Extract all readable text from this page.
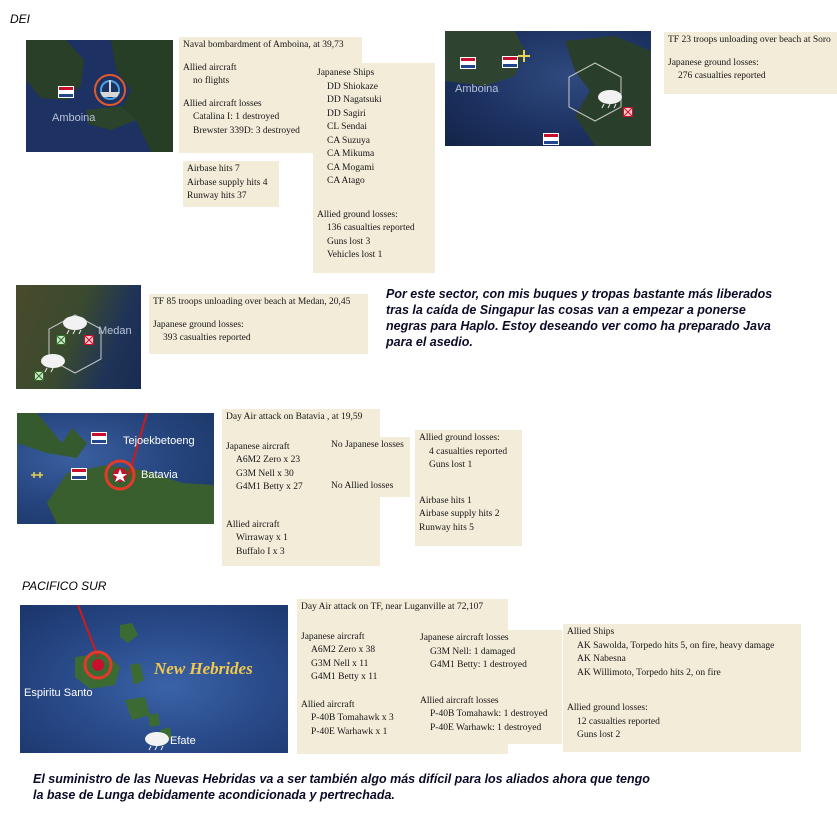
DEI
PACIFICO SUR
Amboina
Naval bombardment of Amboina, at 39,73
Allied aircraft
no flights
Allied aircraft losses
Catalina I: 1 destroyed
Brewster 339D: 3 destroyed
Airbase hits 7
Airbase supply hits 4
Runway hits 37
Japanese Ships
DD Shiokaze
DD Nagatsuki
DD Sagiri
CL Sendai
CA Suzuya
CA Mikuma
CA Mogami
CA Atago
Allied ground losses:
136 casualties reported
Guns lost 3
Vehicles lost 1
Amboina
TF 23 troops unloading over beach at Soro
Japanese ground losses:
276 casualties reported
Medan
TF 85 troops unloading over beach at Medan, 20,45
Japanese ground losses:
393 casualties reported
Por este sector, con mis buques y tropas bastante más liberados tras la caída de Singapur las cosas van a empezar a ponerse negras para Haplo. Estoy deseando ver como ha preparado Java para el asedio.
Tejoekbetoeng
Batavia
Day Air attack on Batavia , at 19,59
Japanese aircraft
A6M2 Zero x 23
G3M Nell x 30
G4M1 Betty x 27
Allied aircraft
Wirraway x 1
Buffalo I x 3
No Japanese losses
No Allied losses
Allied ground losses:
4 casualties reported
Guns lost 1
Airbase hits 1
Airbase supply hits 2
Runway hits 5
New Hebrides
Espiritu Santo
Efate
Day Air attack on TF, near Luganville at 72,107
Japanese aircraft
A6M2 Zero x 38
G3M Nell x 11
G4M1 Betty x 11
Allied aircraft
P-40B Tomahawk x 3
P-40E Warhawk x 1
Japanese aircraft losses
G3M Nell: 1 damaged
G4M1 Betty: 1 destroyed
Allied aircraft losses
P-40B Tomahawk: 1 destroyed
P-40E Warhawk: 1 destroyed
Allied Ships
AK Sawolda, Torpedo hits 5, on fire, heavy damage
AK Nabesna
AK Willimoto, Torpedo hits 2, on fire
Allied ground losses:
12 casualties reported
Guns lost 2
El suministro de las Nuevas Hebridas va a ser también algo más difícil para los aliados ahora que tengo la base de Lunga debidamente acondicionada y pertrechada.
